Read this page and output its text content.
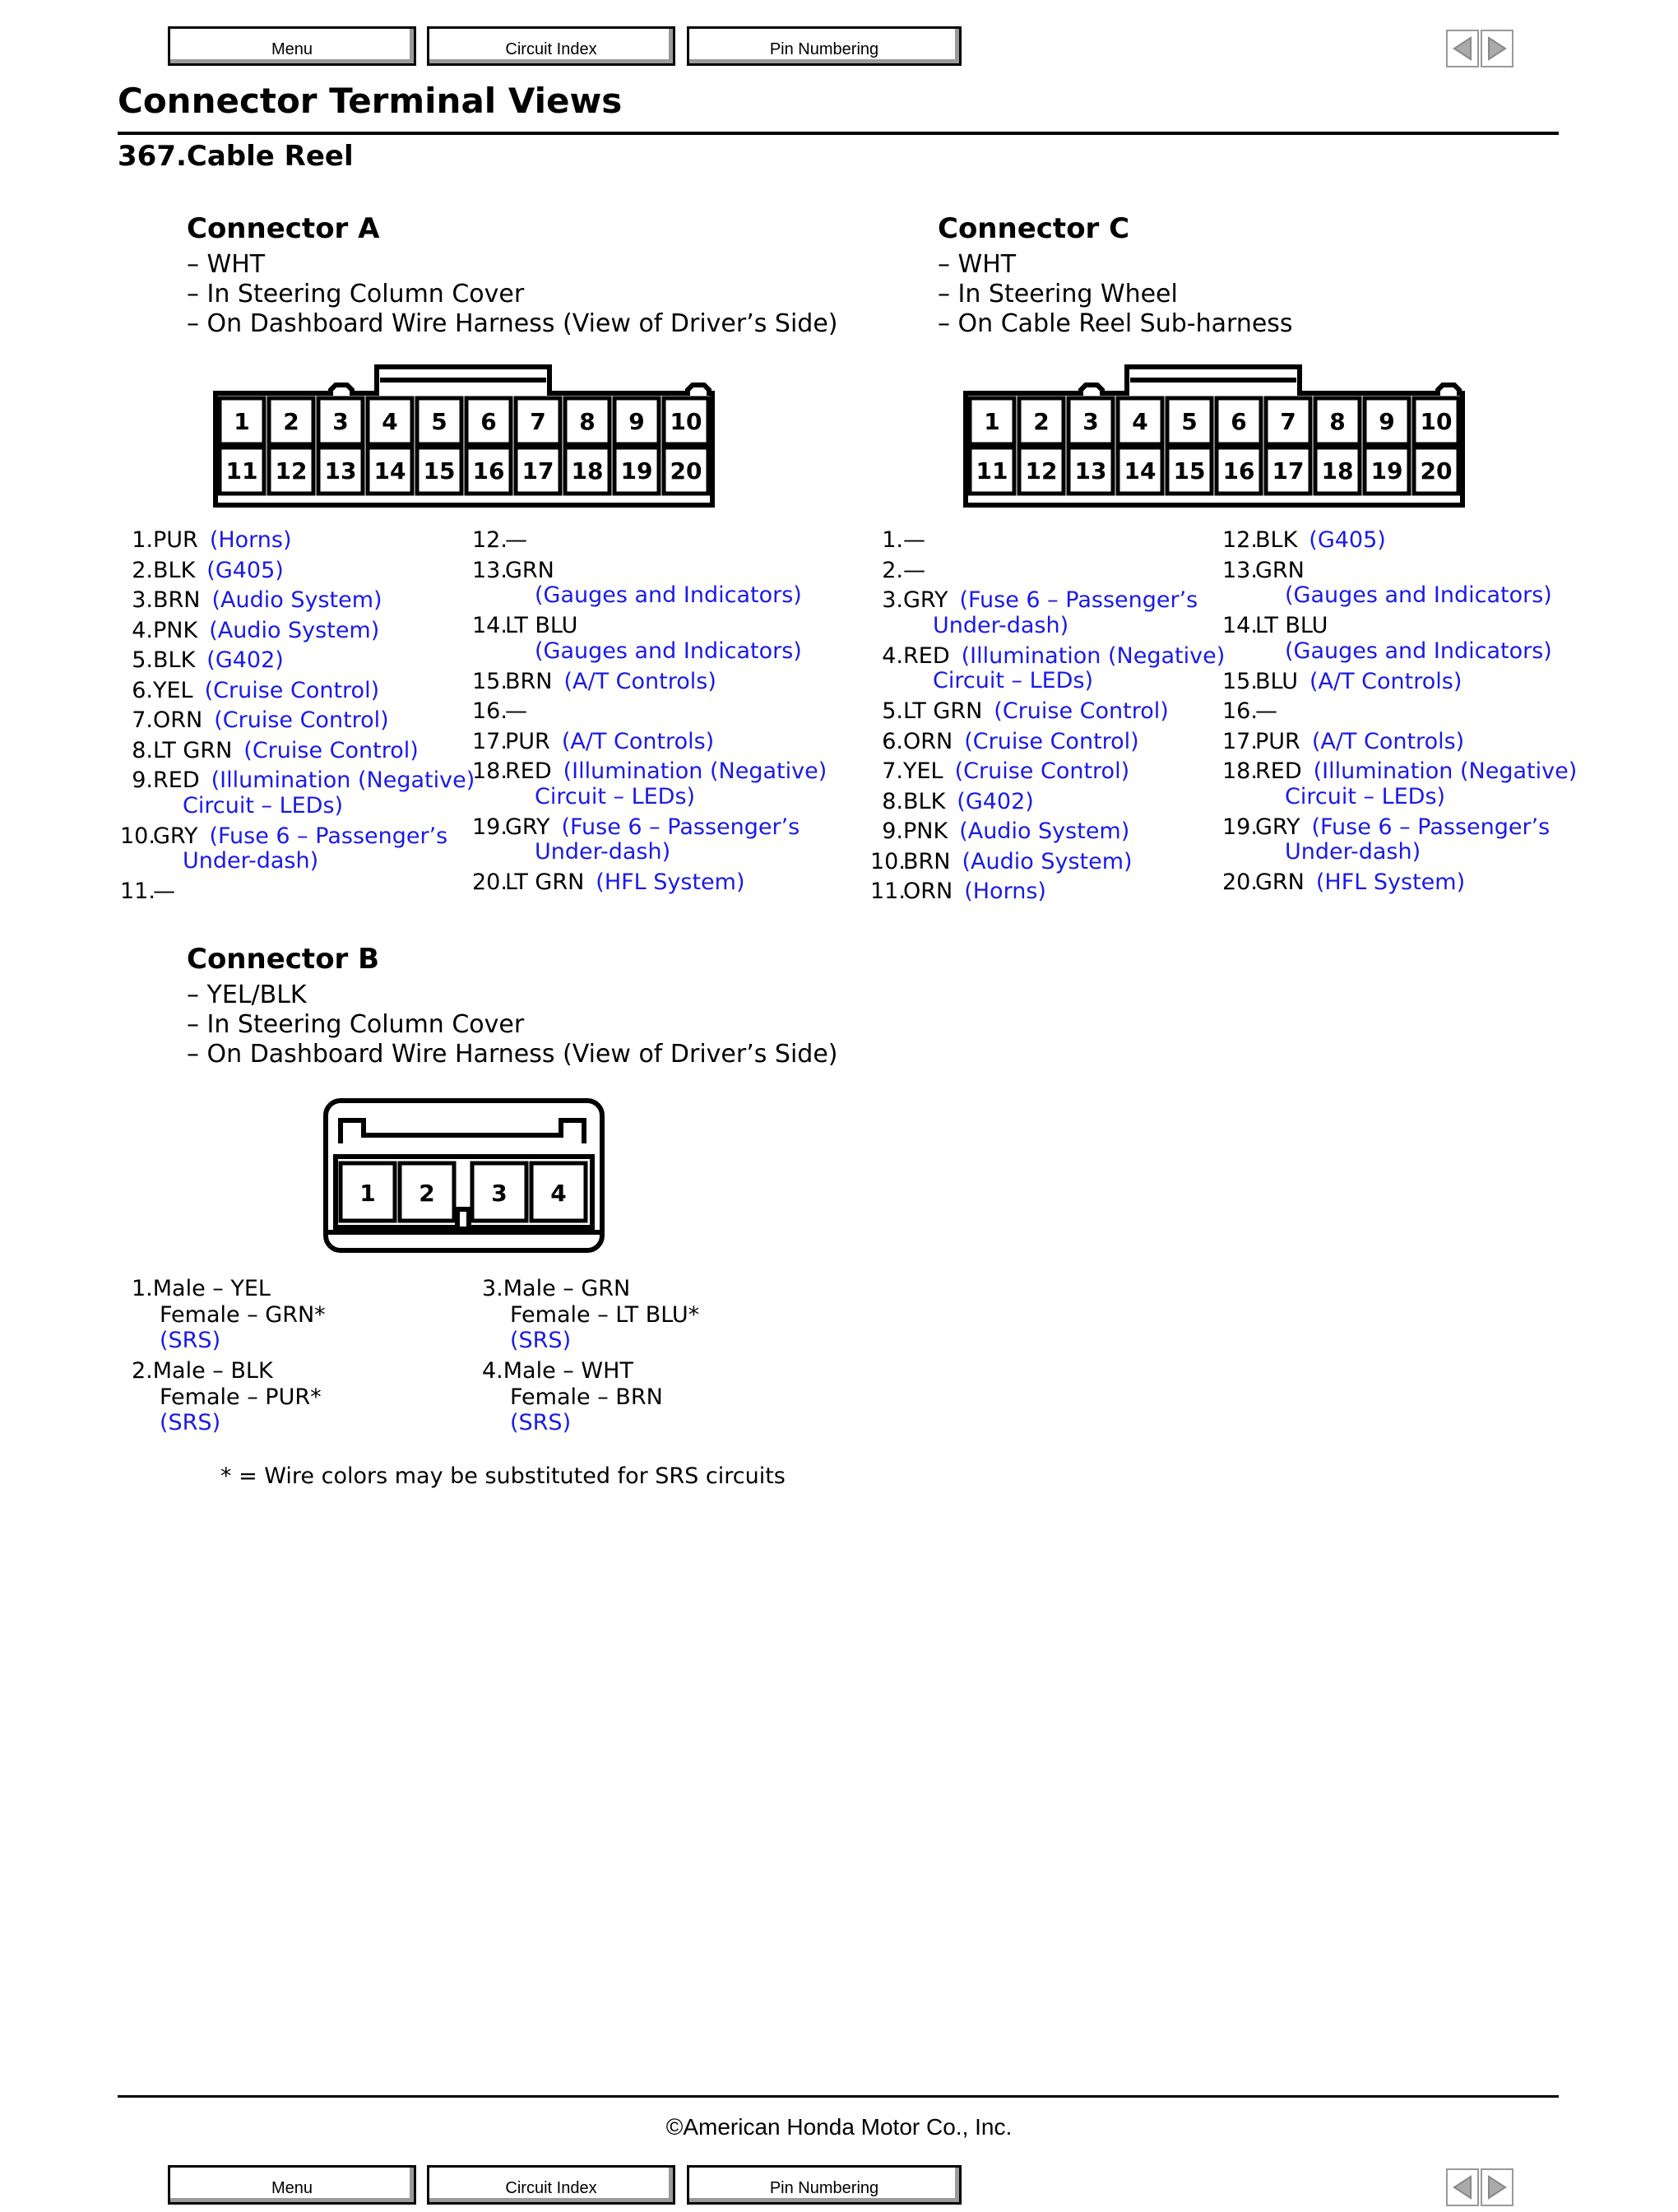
Menu	Circuit Index	Pin Numbering
Connector Terminal Views
367.Cable Reel
Connector A
– WHT
– In Steering Column Cover
– On Dashboard Wire Harness (View of Driver’s Side)
Connector C
– WHT
– In Steering Wheel
– On Cable Reel Sub-harness
1 2 3 4 5 6 7 8 9 10
11 12 13 14 15 16 17 18 19 20
1 2 3 4 5 6 7 8 9 10
11 12 13 14 15 16 17 18 19 20
1.PUR (Horns)
2.BLK (G405)
3.BRN (Audio System)
4.PNK (Audio System)
5.BLK (G402)
6.YEL (Cruise Control)
7.ORN (Cruise Control)
8.LT GRN (Cruise Control)
9.RED (Illumination (Negative)
Circuit – LEDs)
10.GRY (Fuse 6 – Passenger’s
Under-dash)
11.—
12.—
13.GRN
(Gauges and Indicators)
14.LT BLU
(Gauges and Indicators)
15.BRN (A/T Controls)
16.—
17.PUR (A/T Controls)
18.RED (Illumination (Negative)
Circuit – LEDs)
19.GRY (Fuse 6 – Passenger’s
Under-dash)
20.LT GRN (HFL System)
1.—
2.—
3.GRY (Fuse 6 – Passenger’s
Under-dash)
4.RED (Illumination (Negative)
Circuit – LEDs)
5.LT GRN (Cruise Control)
6.ORN (Cruise Control)
7.YEL (Cruise Control)
8.BLK (G402)
9.PNK (Audio System)
10.BRN (Audio System)
11.ORN (Horns)
12.BLK (G405)
13.GRN
(Gauges and Indicators)
14.LT BLU
(Gauges and Indicators)
15.BLU (A/T Controls)
16.—
17.PUR (A/T Controls)
18.RED (Illumination (Negative)
Circuit – LEDs)
19.GRY (Fuse 6 – Passenger’s
Under-dash)
20.GRN (HFL System)
Connector B
– YEL/BLK
– In Steering Column Cover
– On Dashboard Wire Harness (View of Driver’s Side)
1 2 3 4
1.Male – YEL
Female – GRN*
(SRS)
2.Male – BLK
Female – PUR*
(SRS)
3.Male – GRN
Female – LT BLU*
(SRS)
4.Male – WHT
Female – BRN
(SRS)
* = Wire colors may be substituted for SRS circuits
©American Honda Motor Co., Inc.
Menu	Circuit Index	Pin Numbering
